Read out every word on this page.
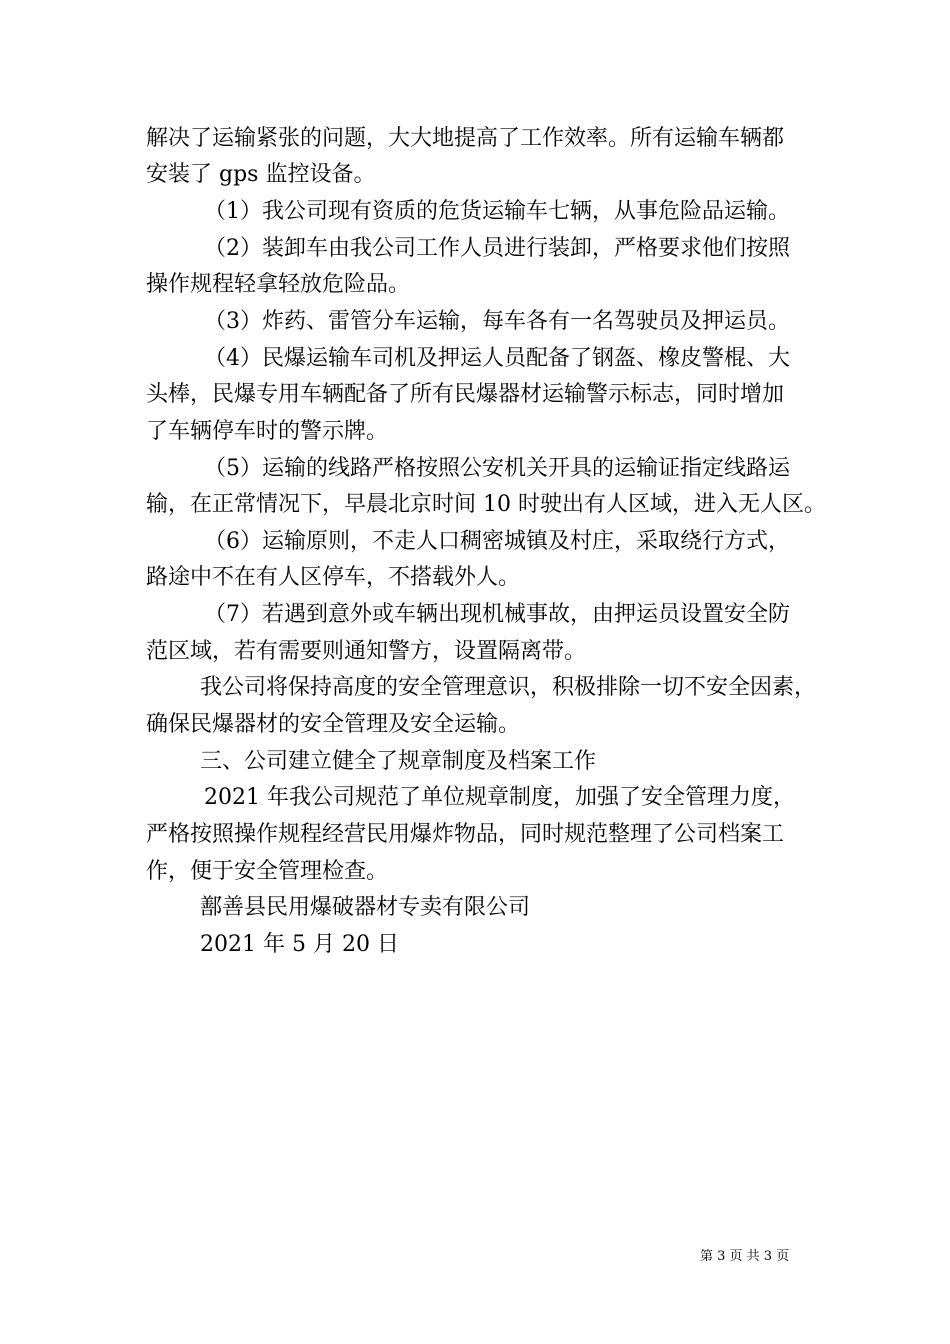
解决了运输紧张的问题，大大地提高了工作效率。所有运输车辆都
安装了 gps 监控设备。
（1）我公司现有资质的危货运输车七辆，从事危险品运输。
（2）装卸车由我公司工作人员进行装卸，严格要求他们按照
操作规程轻拿轻放危险品。
（3）炸药、雷管分车运输，每车各有一名驾驶员及押运员。
（4）民爆运输车司机及押运人员配备了钢盔、橡皮警棍、大
头棒，民爆专用车辆配备了所有民爆器材运输警示标志，同时增加
了车辆停车时的警示牌。
（5）运输的线路严格按照公安机关开具的运输证指定线路运
输，在正常情况下，早晨北京时间 10 时驶出有人区域，进入无人区。
（6）运输原则，不走人口稠密城镇及村庄，采取绕行方式，
路途中不在有人区停车，不搭载外人。
（7）若遇到意外或车辆出现机械事故，由押运员设置安全防
范区域，若有需要则通知警方，设置隔离带。
我公司将保持高度的安全管理意识，积极排除一切不安全因素，
确保民爆器材的安全管理及安全运输。
三、公司建立健全了规章制度及档案工作
2021 年我公司规范了单位规章制度，加强了安全管理力度，
严格按照操作规程经营民用爆炸物品，同时规范整理了公司档案工
作，便于安全管理检查。
鄯善县民用爆破器材专卖有限公司
2021 年 5 月 20 日
第 3 页 共 3 页
